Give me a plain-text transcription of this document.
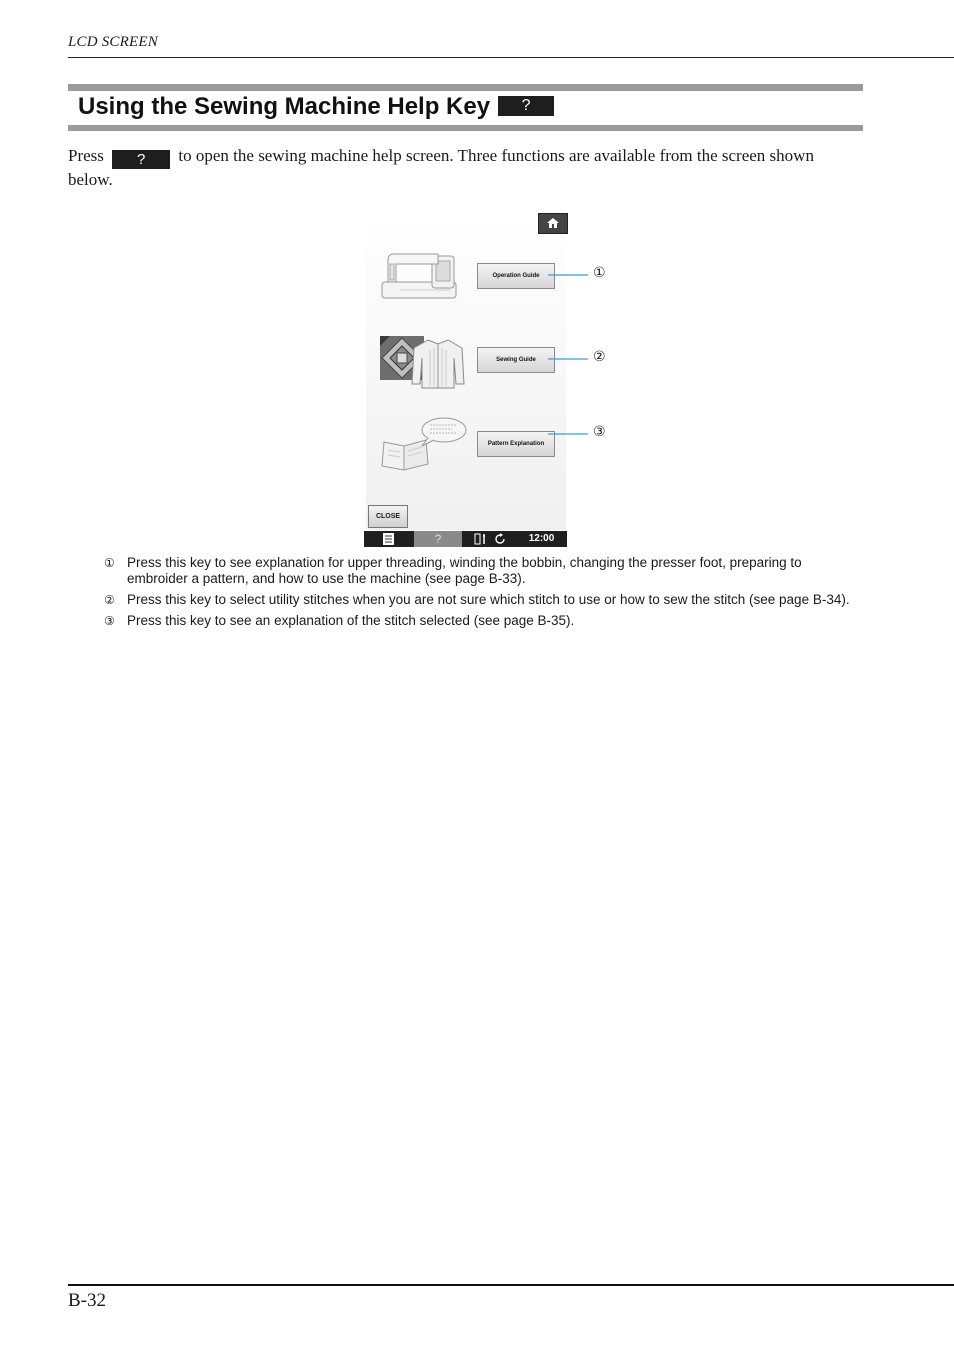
LCD SCREEN
Using the Sewing Machine Help Key ?
Press ? to open the sewing machine help screen. Three functions are available from the screen shown below.
Operation Guide
Sewing Guide
Pattern Explanation
CLOSE
?	12:00
①
②
③
① Press this key to see explanation for upper threading, winding the bobbin, changing the presser foot, preparing to embroider a pattern, and how to use the machine (see page B-33).
② Press this key to select utility stitches when you are not sure which stitch to use or how to sew the stitch (see page B-34).
③ Press this key to see an explanation of the stitch selected (see page B-35).
B-32
